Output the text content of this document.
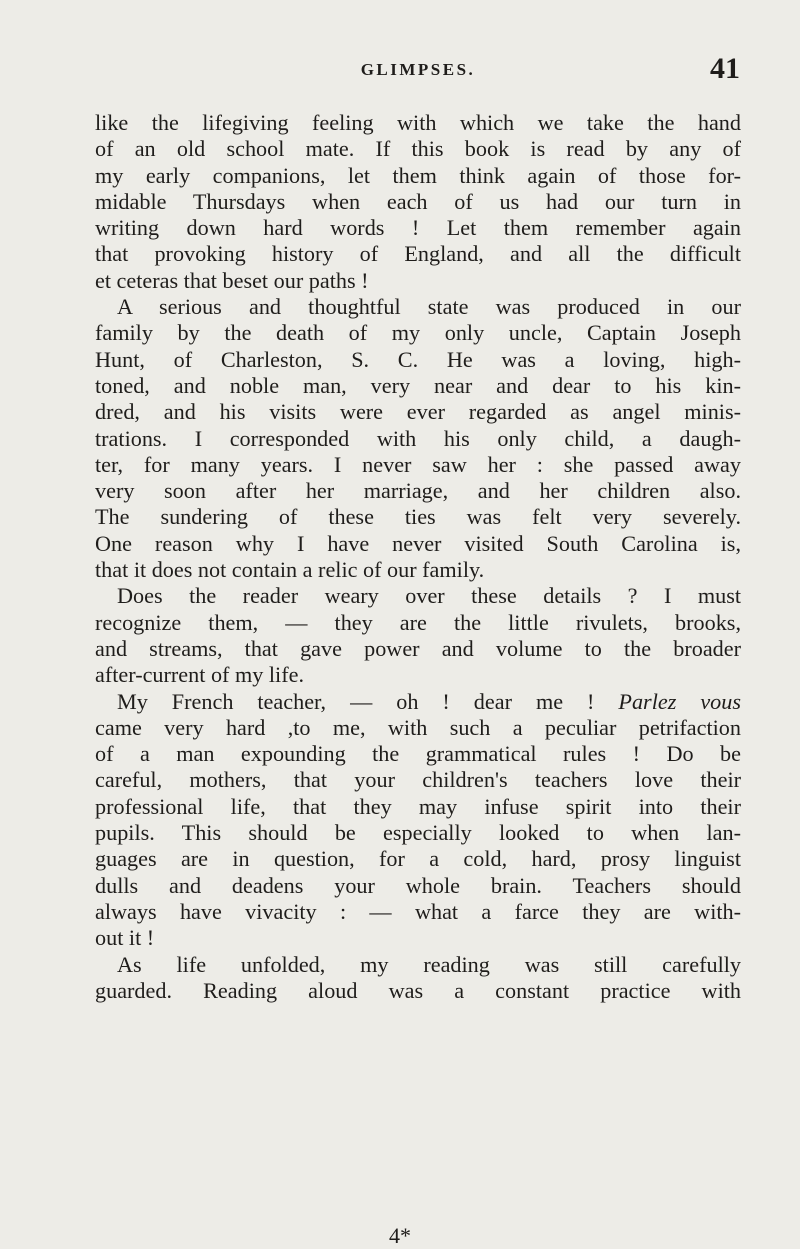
GLIMPSES.	41
like the lifegiving feeling with which we take the hand
of an old school mate. If this book is read by any of
my early companions, let them think again of those for-
midable Thursdays when each of us had our turn in
writing down hard words ! Let them remember again
that provoking history of England, and all the difficult
et ceteras that beset our paths !
A serious and thoughtful state was produced in our
family by the death of my only uncle, Captain Joseph
Hunt, of Charleston, S. C. He was a loving, high-
toned, and noble man, very near and dear to his kin-
dred, and his visits were ever regarded as angel minis-
trations. I corresponded with his only child, a daugh-
ter, for many years. I never saw her : she passed away
very soon after her marriage, and her children also.
The sundering of these ties was felt very severely.
One reason why I have never visited South Carolina is,
that it does not contain a relic of our family.
Does the reader weary over these details ? I must
recognize them, — they are the little rivulets, brooks,
and streams, that gave power and volume to the broader
after-current of my life.
My French teacher, — oh ! dear me ! Parlez vous
came very hard ,to me, with such a peculiar petrifaction
of a man expounding the grammatical rules ! Do be
careful, mothers, that your children's teachers love their
professional life, that they may infuse spirit into their
pupils. This should be especially looked to when lan-
guages are in question, for a cold, hard, prosy linguist
dulls and deadens your whole brain. Teachers should
always have vivacity : — what a farce they are with-
out it !
As life unfolded, my reading was still carefully
guarded. Reading aloud was a constant practice with
4*
